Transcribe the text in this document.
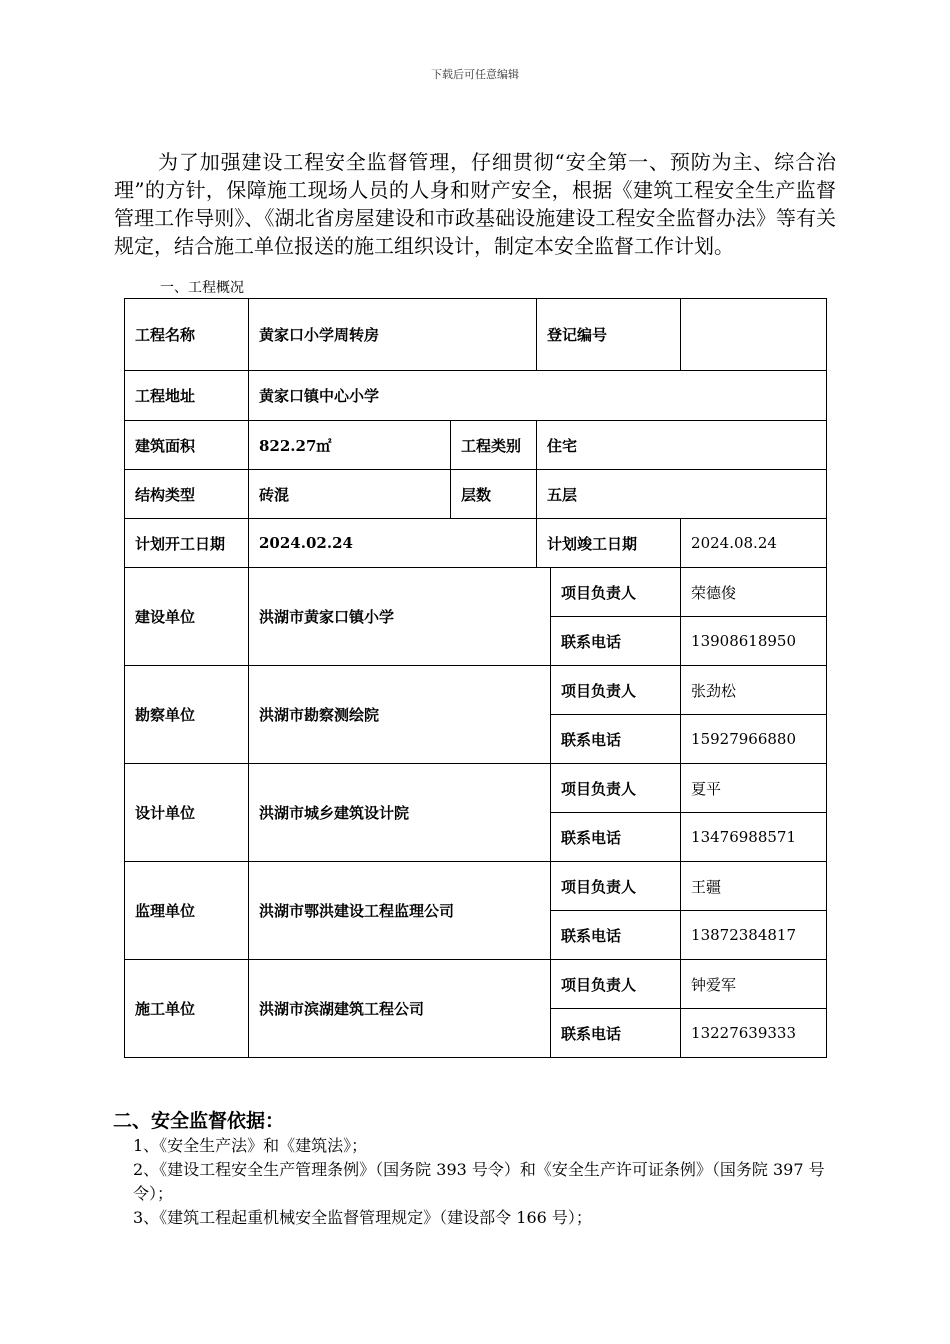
下载后可任意编辑

为了加强建设工程安全监督管理，仔细贯彻“安全第一、预防为主、综合治理”的方针，保障施工现场人员的人身和财产安全，根据《建筑工程安全生产监督管理工作导则》、《湖北省房屋建设和市政基础设施建设工程安全监督办法》等有关规定，结合施工单位报送的施工组织设计，制定本安全监督工作计划。

一、工程概况
工程名称	黄家口小学周转房		登记编号		
工程地址	黄家口镇中心小学				
建筑面积	822.27㎡	工程类别	住宅		
结构类型	砖混	层数	五层		
计划开工日期	2024.02.24		计划竣工日期		2024.08.24
建设单位	洪湖市黄家口镇小学			项目负责人	荣德俊
				联系电话	13908618950
勘察单位	洪湖市勘察测绘院			项目负责人	张劲松
				联系电话	15927966880
设计单位	洪湖市城乡建筑设计院			项目负责人	夏平
				联系电话	13476988571
监理单位	洪湖市鄂洪建设工程监理公司			项目负责人	王疆
				联系电话	13872384817
施工单位	洪湖市滨湖建筑工程公司			项目负责人	钟爱军
				联系电话	13227639333
二、安全监督依据：

1、《安全生产法》和《建筑法》；

2、《建设工程安全生产管理条例》（国务院 393 号令）和《安全生产许可证条例》（国务院 397 号令）；

3、《建筑工程起重机械安全监督管理规定》（建设部令 166 号）；
